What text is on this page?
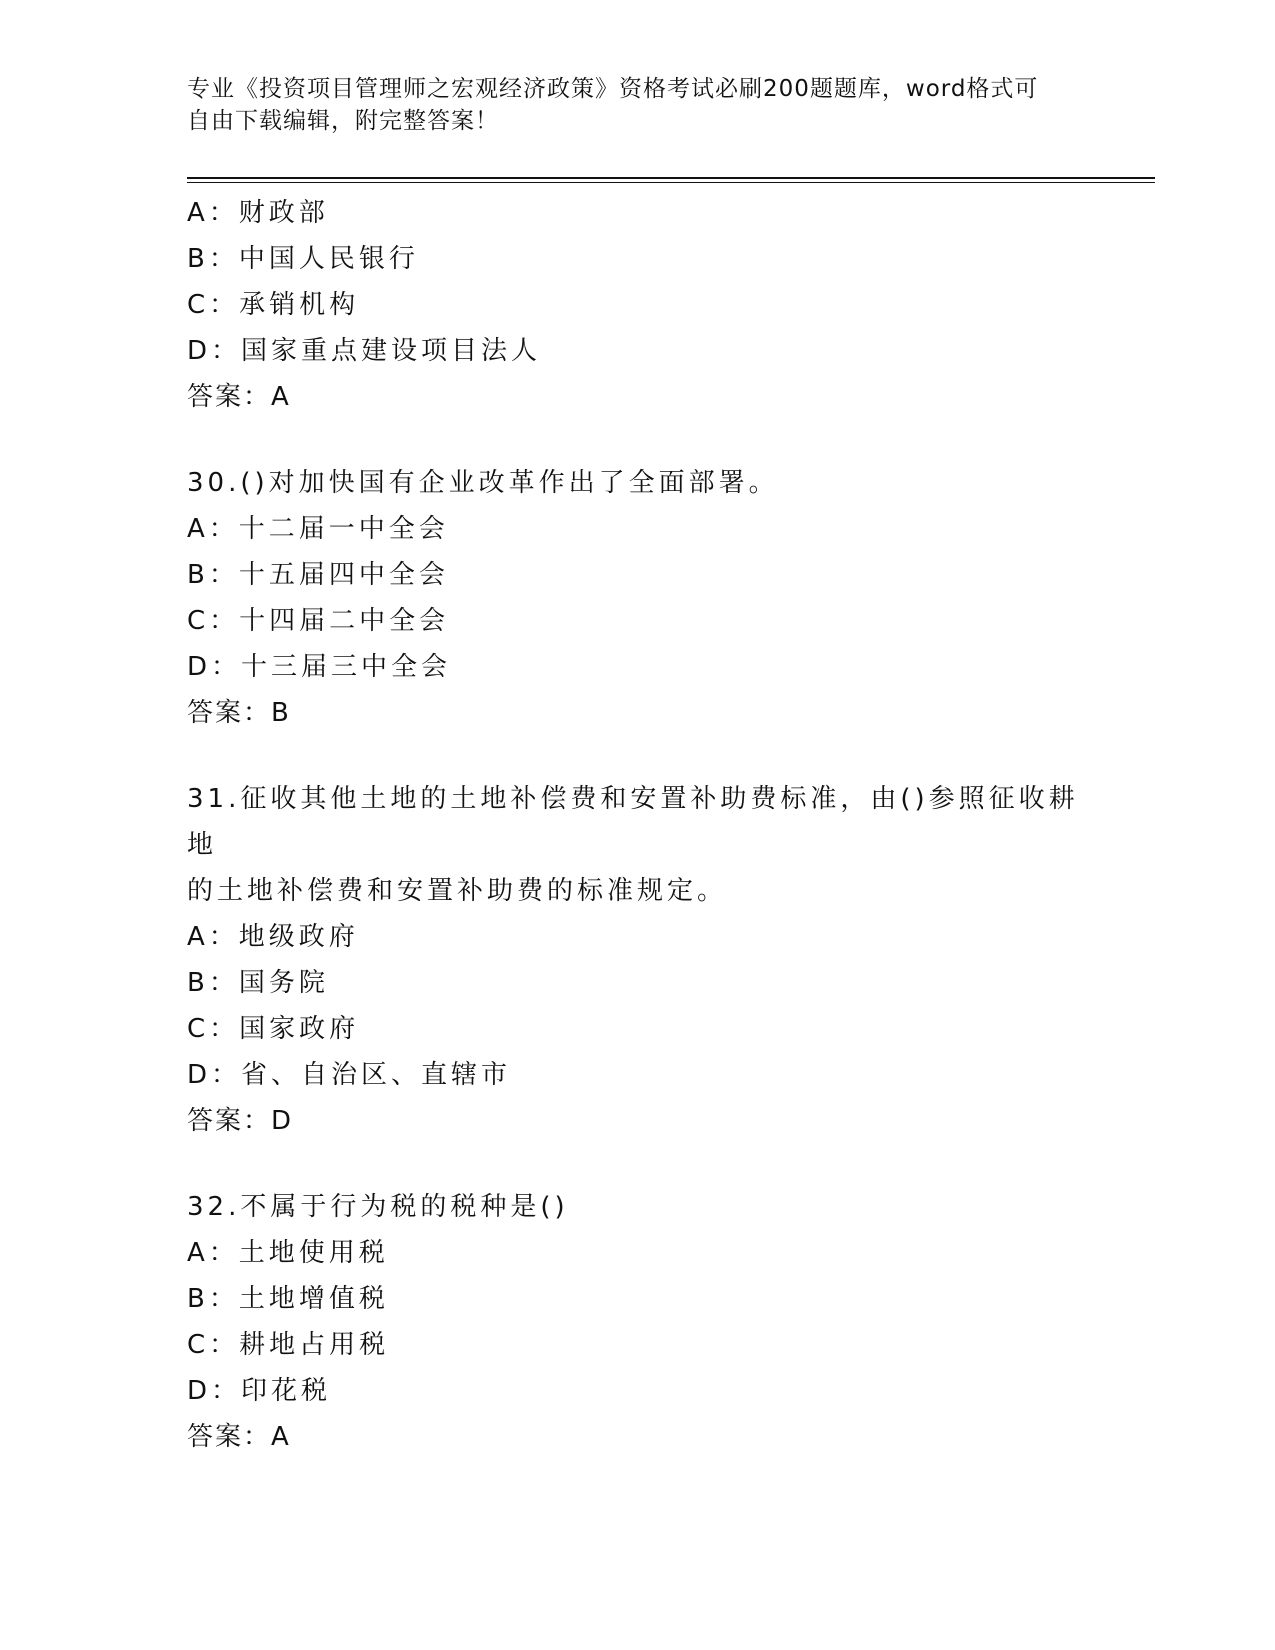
专业《投资项目管理师之宏观经济政策》资格考试必刷200题题库，word格式可
自由下载编辑，附完整答案！

A：财政部

B：中国人民银行

C：承销机构

D：国家重点建设项目法人

答案：A

30.()对加快国有企业改革作出了全面部署。

A：十二届一中全会

B：十五届四中全会

C：十四届二中全会

D：十三届三中全会

答案：B

31.征收其他土地的土地补偿费和安置补助费标准，由()参照征收耕地

的土地补偿费和安置补助费的标准规定。

A：地级政府

B：国务院

C：国家政府

D：省、自治区、直辖市

答案：D

32.不属于行为税的税种是()

A：土地使用税

B：土地增值税

C：耕地占用税

D：印花税

答案：A
